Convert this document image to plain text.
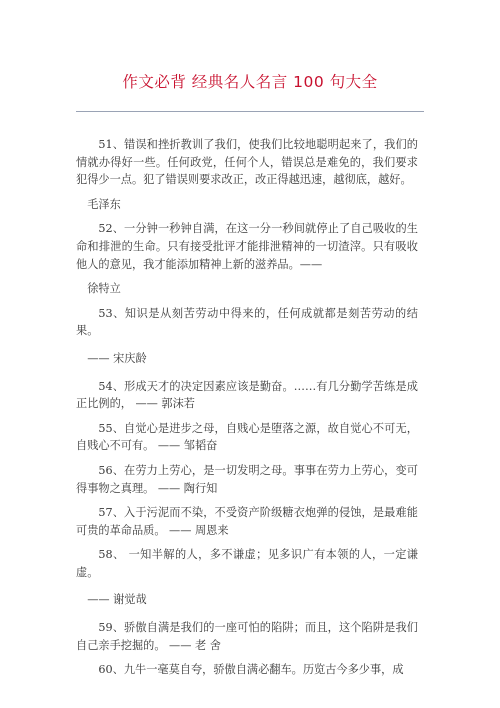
作文必背 经典名人名言 100 句大全

51、错误和挫折教训了我们，使我们比较地聪明起来了，我们的情就办得好一些。任何政党，任何个人，错误总是难免的，我们要求犯得少一点。犯了错误则要求改正，改正得越迅速，越彻底，越好。

毛泽东

52、一分钟一秒钟自满，在这一分一秒间就停止了自己吸收的生命和排泄的生命。只有接受批评才能排泄精神的一切渣滓。只有吸收他人的意见，我才能添加精神上新的滋养品。——

徐特立

53、知识是从刻苦劳动中得来的，任何成就都是刻苦劳动的结果。

—— 宋庆龄

54、形成天才的决定因素应该是勤奋。……有几分勤学苦练是成正比例的， —— 郭沫若

55、自觉心是进步之母，自贱心是堕落之源，故自觉心不可无，自贱心不可有。 —— 邹韬奋

56、在劳力上劳心，是一切发明之母。事事在劳力上劳心，变可得事物之真理。 —— 陶行知

57、入于污泥而不染，不受资产阶级糖衣炮弹的侵蚀，是最难能可贵的革命品质。 —— 周恩来

58、 一知半解的人，多不谦虚；见多识广有本领的人，一定谦虚。

—— 谢觉哉

59、骄傲自满是我们的一座可怕的陷阱；而且，这个陷阱是我们自己亲手挖掘的。 —— 老 舍

60、九牛一毫莫自夸，骄傲自满必翻车。历览古今多少事，成
